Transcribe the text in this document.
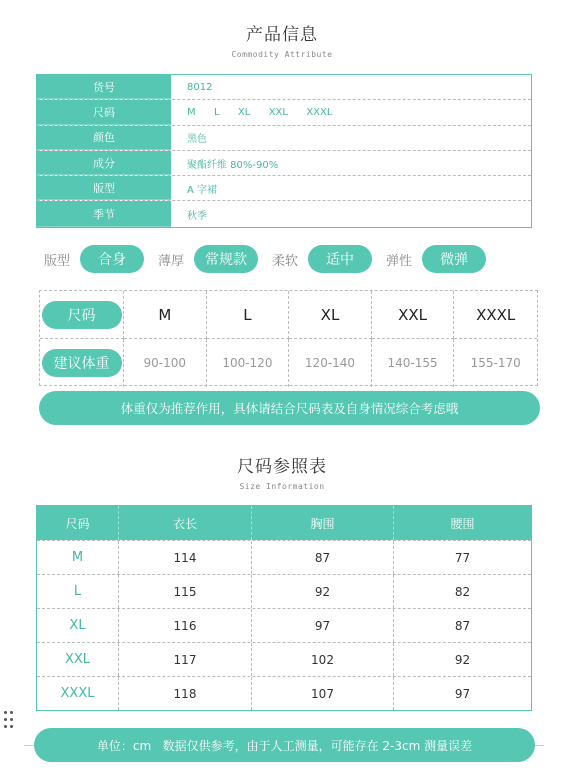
产品信息
Commodity Attribute
货号	8012
尺码	M  L  XL  XXL  XXXL
颜色	黑色
成分	聚酯纤维 80%-90%
版型	A 字裙
季节	秋季
版型	合身	薄厚	常规款	柔软	适中	弹性	微弹
尺码	M	L	XL	XXL	XXXL
建议体重	90-100	100-120	120-140	140-155	155-170
体重仅为推荐作用，具体请结合尺码表及自身情况综合考虑哦
尺码参照表
Size Information
尺码	衣长	胸围	腰围
M	114	87	77
L	115	92	82
XL	116	97	87
XXL	117	102	92
XXXL	118	107	97
单位：cm   数据仅供参考，由于人工测量，可能存在 2-3cm 测量误差
